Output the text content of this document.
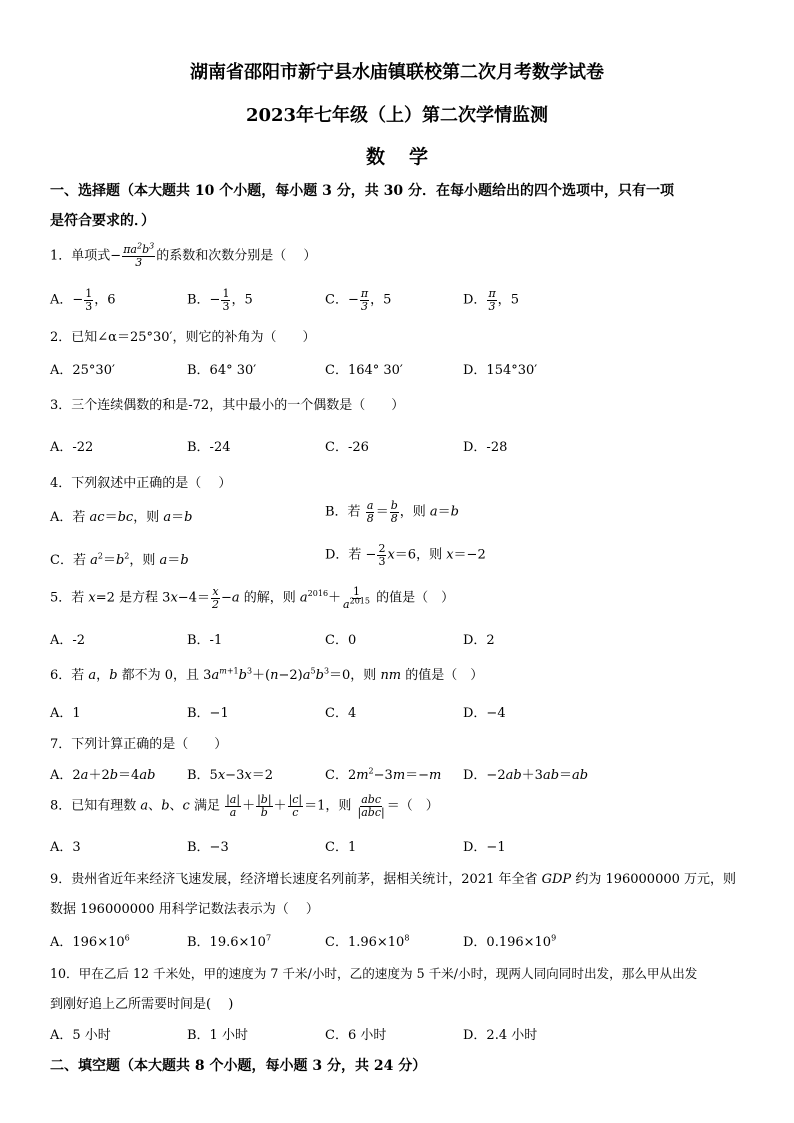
湖南省邵阳市新宁县水庙镇联校第二次月考数学试卷
2023年七年级（上）第二次学情监测
数学
一、选择题（本大题共 10 个小题，每小题 3 分，共 30 分．在每小题给出的四个选项中，只有一项
是符合要求的．）
1．单项式− $\frac{\pi a^2b^3}{3}$ 的系数和次数分别是（　 ）
A．− $\frac{1}{3}$ ，6	B．− $\frac{1}{3}$ ，5	C．− $\frac{\pi}{3}$ ，5	D． $\frac{\pi}{3}$ ，5
2．已知∠α＝25°30′，则它的补角为（　　）
A．25°30′	B．64° 30′	C．164° 30′	D．154°30′
3．三个连续偶数的和是-72，其中最小的一个偶数是（　　）
A．-22	B．-24	C．-26	D．-28
4．下列叙述中正确的是（　 ）
A．若 ac＝bc，则 a＝b	B．若 $\frac{a}{8} = \frac{b}{8}$ ，则 a＝b
C．若 $a^2=b^2$，则 a＝b	D．若 − $\frac{2}{3} x=6$，则 x＝−2
5．若 x=2 是方程 $3x-4= \frac{x}{2} -a$ 的解，则 $a^{2016}+ \frac{1}{a^{2015}}$ 的值是（　）
A．-2	B．-1	C．0	D．2
6．若 a，b 都不为 0，且 $3a^{m+1}b^3+(n-2)a^5b^3=0$，则 nm 的值是（　）
A．1	B．−1	C．4	D．−4
7．下列计算正确的是（　　）
A．2a＋2b＝4ab B．5x−3x＝2	C．$2m^2-3m=-m$ D．−2ab＋3ab＝ab
8．已知有理数 a、b、c 满足 $\frac{|a|}{a} + \frac{|b|}{b} + \frac{|c|}{c} =1$，则 $\frac{\text{abc}}{\text{|abc|}}$ ＝（　）
A．3	B．−3	C．1	D．−1
9．贵州省近年来经济飞速发展，经济增长速度名列前茅，据相关统计，2021 年全省 GDP 约为 196000000 万元，则
数据 196000000 用科学记数法表示为（　 ）
A．$196\times 10^6$	B．$19.6\times 10^7$	C．$1.96\times 10^8$	D．$0.196\times 10^9$
10．甲在乙后 12 千米处，甲的速度为 7 千米/小时，乙的速度为 5 千米/小时，现两人同向同时出发，那么甲从出发
到刚好追上乙所需要时间是(　 )
A．5 小时	B．1 小时	C．6 小时	D．2.4 小时
二、填空题（本大题共 8 个小题，每小题 3 分，共 24 分）
